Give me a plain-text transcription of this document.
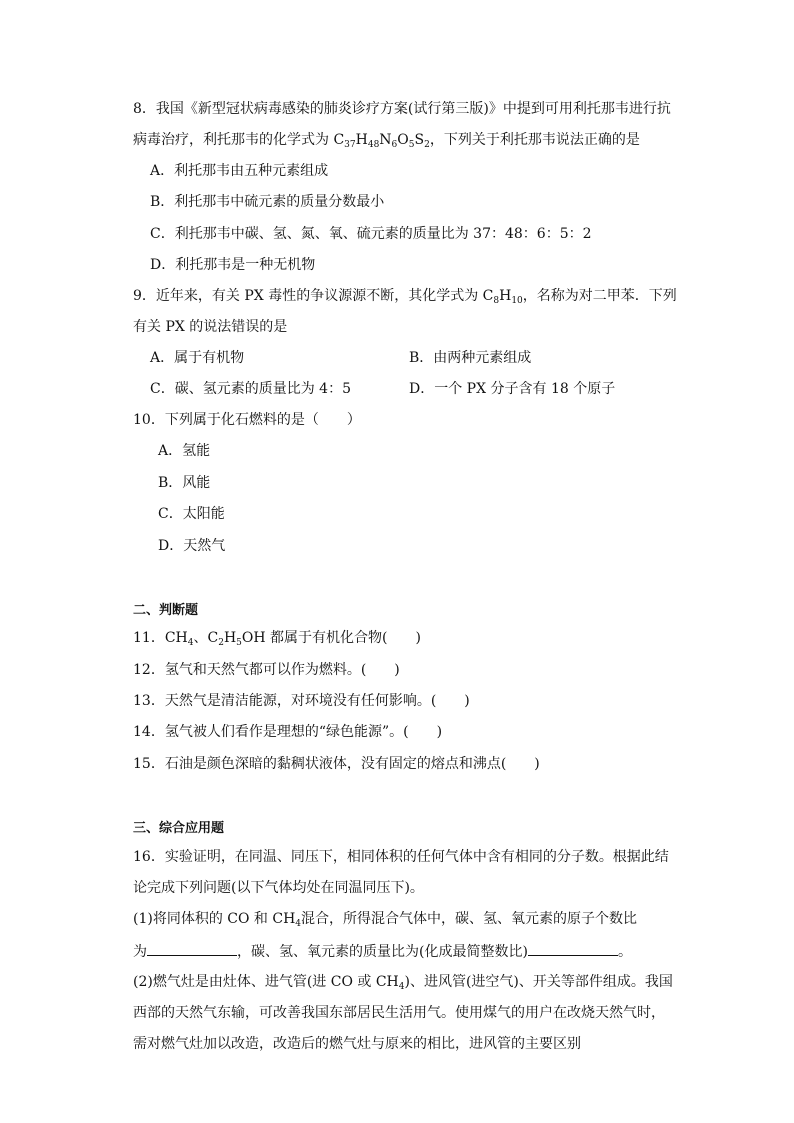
8．我国《新型冠状病毒感染的肺炎诊疗方案(试行第三版)》中提到可用利托那韦进行抗
病毒治疗，利托那韦的化学式为 $C_{37}H_{48}N_6O_5S_2$，下列关于利托那韦说法正确的是
A．利托那韦由五种元素组成
B．利托那韦中硫元素的质量分数最小
C．利托那韦中碳、氢、氮、氧、硫元素的质量比为 37：48：6：5：2
D．利托那韦是一种无机物
9．近年来，有关 PX 毒性的争议源源不断，其化学式为 $C_8H_{10}$，名称为对二甲苯．下列
有关 PX 的说法错误的是
A．属于有机物	B．由两种元素组成
C．碳、氢元素的质量比为 4：5	D．一个 PX 分子含有 18 个原子
10．下列属于化石燃料的是（　　）
A．氢能
B．风能
C．太阳能
D．天然气
二、判断题
11．$CH_4$、$C_2H_5OH$ 都属于有机化合物(　　)
12．氢气和天然气都可以作为燃料。(　　)
13．天然气是清洁能源，对环境没有任何影响。(　　)
14．氢气被人们看作是理想的“绿色能源”。(　　)
15．石油是颜色深暗的黏稠状液体，没有固定的熔点和沸点(　　)
三、综合应用题
16．实验证明，在同温、同压下，相同体积的任何气体中含有相同的分子数。根据此结
论完成下列问题(以下气体均处在同温同压下)。
(1)将同体积的 CO 和 $CH_4$混合，所得混合气体中，碳、氢、氧元素的原子个数比
为	，碳、氢、氧元素的质量比为(化成最简整数比)	。
(2)燃气灶是由灶体、进气管(进 CO 或 $CH_4$)、进风管(进空气)、开关等部件组成。我国
西部的天然气东输，可改善我国东部居民生活用气。使用煤气的用户在改烧天然气时，
需对燃气灶加以改造，改造后的燃气灶与原来的相比，进风管的主要区别
